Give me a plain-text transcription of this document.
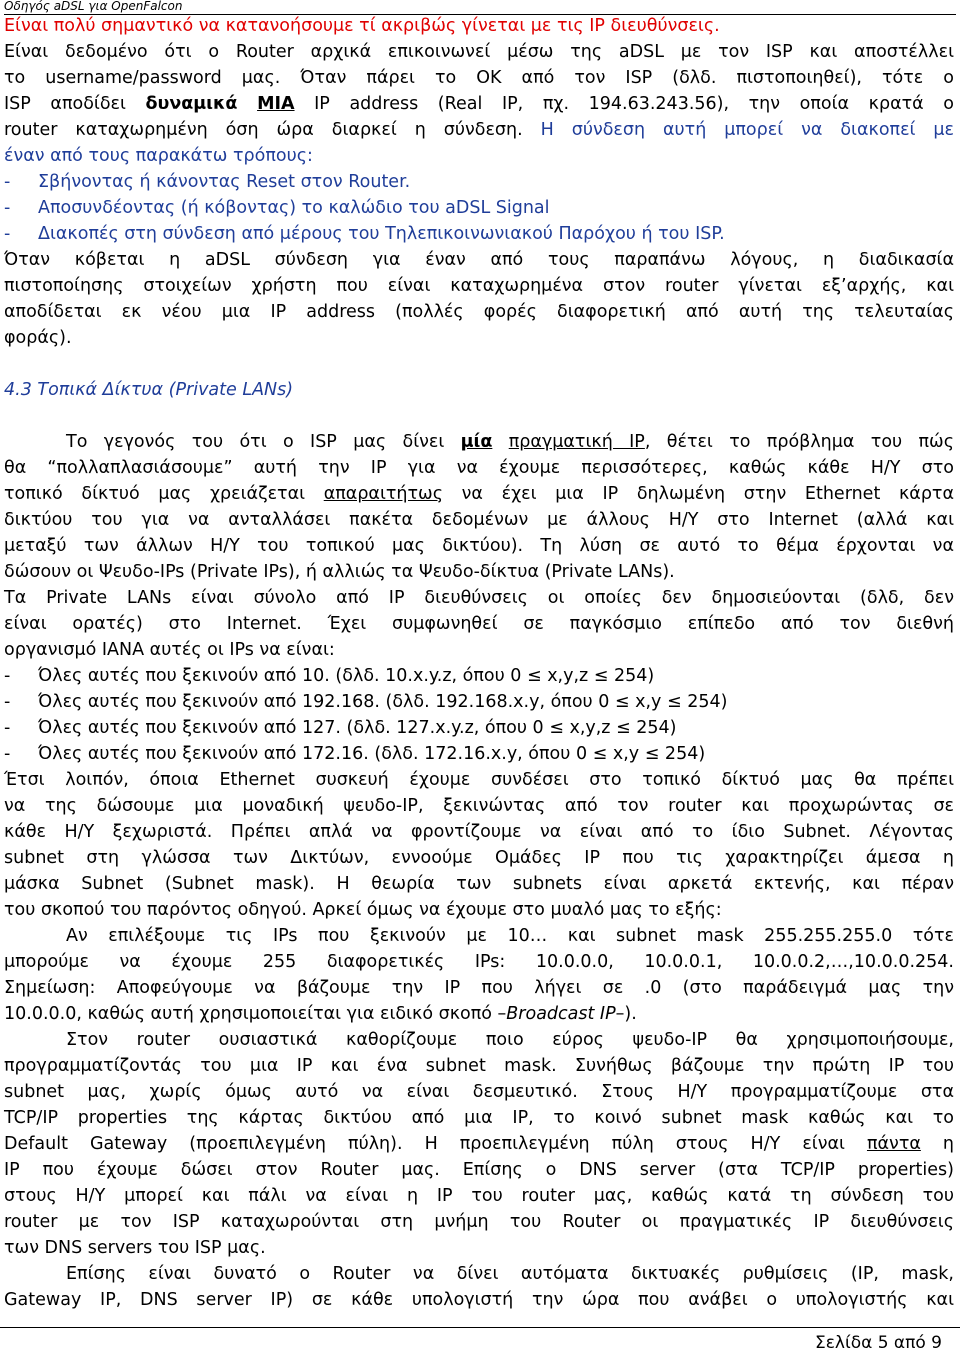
Οδηγός aDSL για OpenFalcon
Είναι πολύ σημαντικό να κατανοήσουμε τί ακριβώς γίνεται με τις IP διευθύνσεις.
Είναι δεδομένο ότι ο Router αρχικά επικοινωνεί μέσω της aDSL με τον ISP και αποστέλλει
το username/password μας. Όταν πάρει το ΟΚ από τον ISP (δλδ. πιστοποιηθεί), τότε ο
ISP αποδίδει δυναμικά ΜΙΑ IP address (Real IP, πχ. 194.63.243.56), την οποία κρατά ο
router καταχωρημένη όση ώρα διαρκεί η σύνδεση. Η σύνδεση αυτή μπορεί να διακοπεί με
έναν από τους παρακάτω τρόπους:
- Σβήνοντας ή κάνοντας Reset στον Router.
- Αποσυνδέοντας (ή κόβοντας) το καλώδιο του aDSL Signal
- Διακοπές στη σύνδεση από μέρους του Τηλεπικοινωνιακού Παρόχου ή του ISP.
Όταν κόβεται η aDSL σύνδεση για έναν από τους παραπάνω λόγους, η διαδικασία
πιστοποίησης στοιχείων χρήστη που είναι καταχωρημένα στον router γίνεται εξ’αρχής, και
αποδίδεται εκ νέου μια IP address (πολλές φορές διαφορετική από αυτή της τελευταίας
φοράς).
4.3 Τοπικά Δίκτυα (Private LANs)
Το γεγονός του ότι ο ISP μας δίνει μία πραγματική IP, θέτει το πρόβλημα του πώς
θα “πολλαπλασιάσουμε” αυτή την IP για να έχουμε περισσότερες, καθώς κάθε Η/Υ στο
τοπικό δίκτυό μας χρειάζεται απαραιτήτως να έχει μια IP δηλωμένη στην Ethernet κάρτα
δικτύου του για να ανταλλάσει πακέτα δεδομένων με άλλους Η/Υ στο Internet (αλλά και
μεταξύ των άλλων Η/Υ του τοπικού μας δικτύου). Τη λύση σε αυτό το θέμα έρχονται να
δώσουν οι Ψευδο-IPs (Private IPs), ή αλλιώς τα Ψευδο-δίκτυα (Private LANs).
Τα Private LANs είναι σύνολο από IP διευθύνσεις οι οποίες δεν δημοσιεύονται (δλδ, δεν
είναι ορατές) στο Internet. Έχει συμφωνηθεί σε παγκόσμιο επίπεδο από τον διεθνή
οργανισμό IANA αυτές οι IPs να είναι:
- Όλες αυτές που ξεκινούν από 10. (δλδ. 10.x.y.z, όπου 0 ≤ x,y,z ≤ 254)
- Όλες αυτές που ξεκινούν από 192.168. (δλδ. 192.168.x.y, όπου 0 ≤ x,y ≤ 254)
- Όλες αυτές που ξεκινούν από 127. (δλδ. 127.x.y.z, όπου 0 ≤ x,y,z ≤ 254)
- Όλες αυτές που ξεκινούν από 172.16. (δλδ. 172.16.x.y, όπου 0 ≤ x,y ≤ 254)
Έτσι λοιπόν, όποια Ethernet συσκευή έχουμε συνδέσει στο τοπικό δίκτυό μας θα πρέπει
να της δώσουμε μια μοναδική ψευδο-IP, ξεκινώντας από τον router και προχωρώντας σε
κάθε Η/Υ ξεχωριστά. Πρέπει απλά να φροντίζουμε να είναι από το ίδιο Subnet. Λέγοντας
subnet στη γλώσσα των Δικτύων, εννοούμε Ομάδες IP που τις χαρακτηρίζει άμεσα η
μάσκα Subnet (Subnet mask). Η θεωρία των subnets είναι αρκετά εκτενής, και πέραν
του σκοπού του παρόντος οδηγού. Αρκεί όμως να έχουμε στο μυαλό μας το εξής:
Αν επιλέξουμε τις IPs που ξεκινούν με 10… και subnet mask 255.255.255.0 τότε
μπορούμε να έχουμε 255 διαφορετικές IPs: 10.0.0.0, 10.0.0.1, 10.0.0.2,…,10.0.0.254.
Σημείωση: Αποφεύγουμε να βάζουμε την IP που λήγει σε .0 (στο παράδειγμά μας την
10.0.0.0, καθώς αυτή χρησιμοποιείται για ειδικό σκοπό –Broadcast IP–).
Στον router ουσιαστικά καθορίζουμε ποιο εύρος ψευδο-IP θα χρησιμοποιήσουμε,
προγραμματίζοντάς του μια IP και ένα subnet mask. Συνήθως βάζουμε την πρώτη IP του
subnet μας, χωρίς όμως αυτό να είναι δεσμευτικό. Στους Η/Υ προγραμματίζουμε στα
TCP/IP properties της κάρτας δικτύου από μια IP, το κοινό subnet mask καθώς και το
Default Gateway (προεπιλεγμένη πύλη). Η προεπιλεγμένη πύλη στους Η/Υ είναι πάντα η
IP που έχουμε δώσει στον Router μας. Επίσης ο DNS server (στα TCP/IP properties)
στους Η/Υ μπορεί και πάλι να είναι η IP του router μας, καθώς κατά τη σύνδεση του
router με τον ISP καταχωρούνται στη μνήμη του Router οι πραγματικές IP διευθύνσεις
των DNS servers του ISP μας.
Επίσης είναι δυνατό ο Router να δίνει αυτόματα δικτυακές ρυθμίσεις (IP, mask,
Gateway IP, DNS server IP) σε κάθε υπολογιστή την ώρα που ανάβει ο υπολογιστής και
Σελίδα 5 από 9
